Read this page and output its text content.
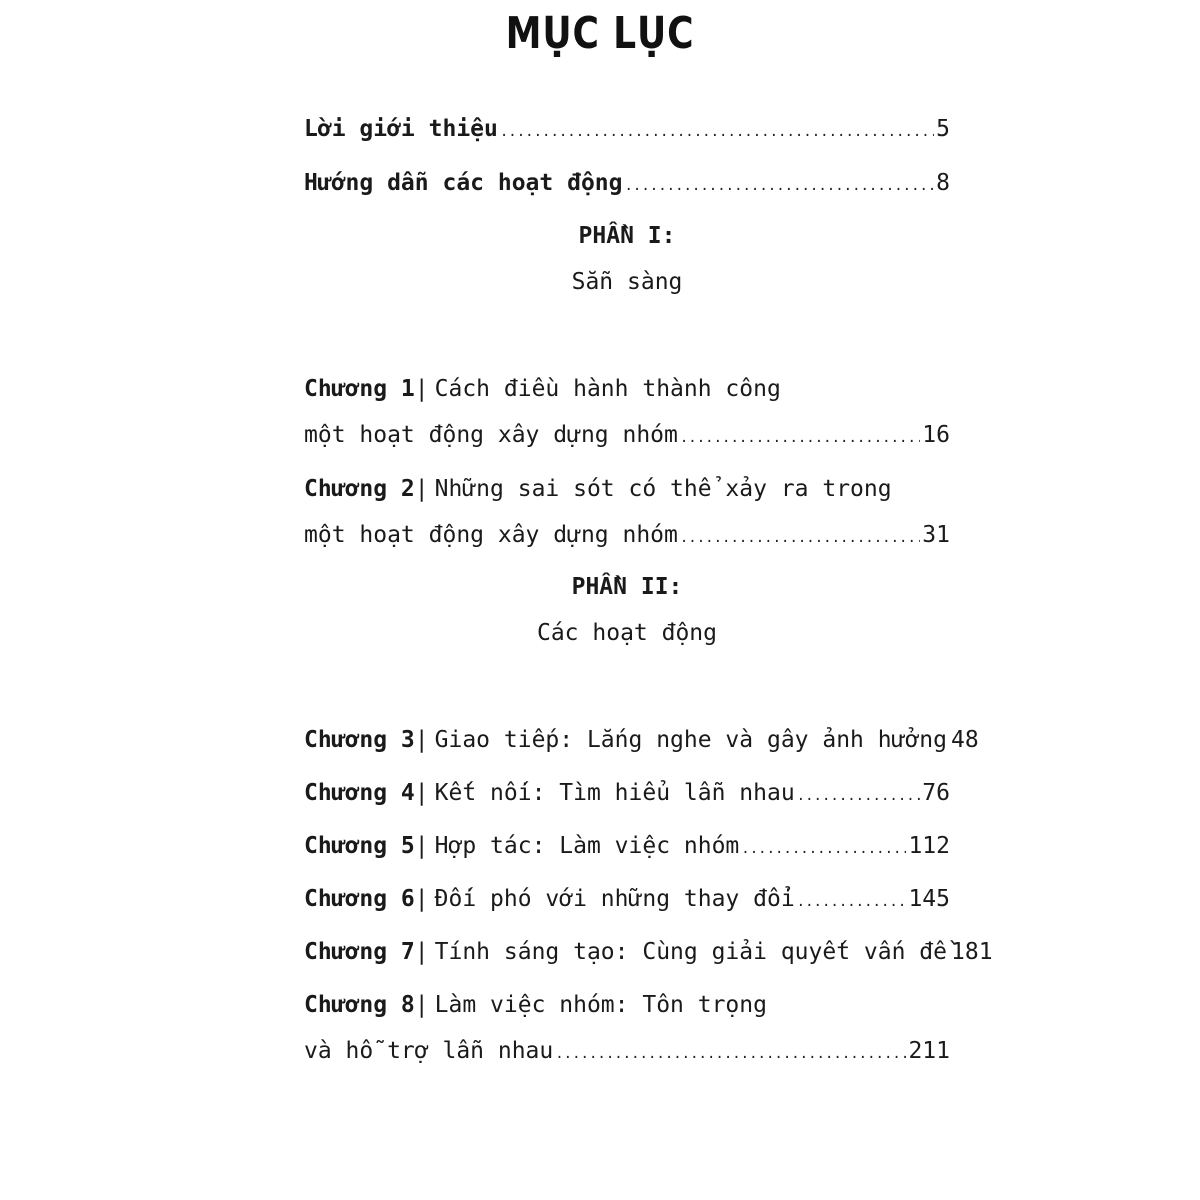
MỤC LỤC
Lời giới thiệu .....	5
Hướng dẫn các hoạt động .....	8
PHẦN I:
Sẵn sàng
Chương 1| Cách điều hành thành công
một hoạt động xây dựng nhóm .....	16
Chương 2| Những sai sót có thể xảy ra trong
một hoạt động xây dựng nhóm .....	31
PHẦN II:
Các hoạt động
Chương 3| Giao tiếp: Lắng nghe và gây ảnh hưởng 48
Chương 4| Kết nối: Tìm hiểu lẫn nhau .....	76
Chương 5| Hợp tác: Làm việc nhóm .....	112
Chương 6| Đối phó với những thay đổi .....	145
Chương 7| Tính sáng tạo: Cùng giải quyết vấn đề 181
Chương 8| Làm việc nhóm: Tôn trọng
và hỗ trợ lẫn nhau .....	211
